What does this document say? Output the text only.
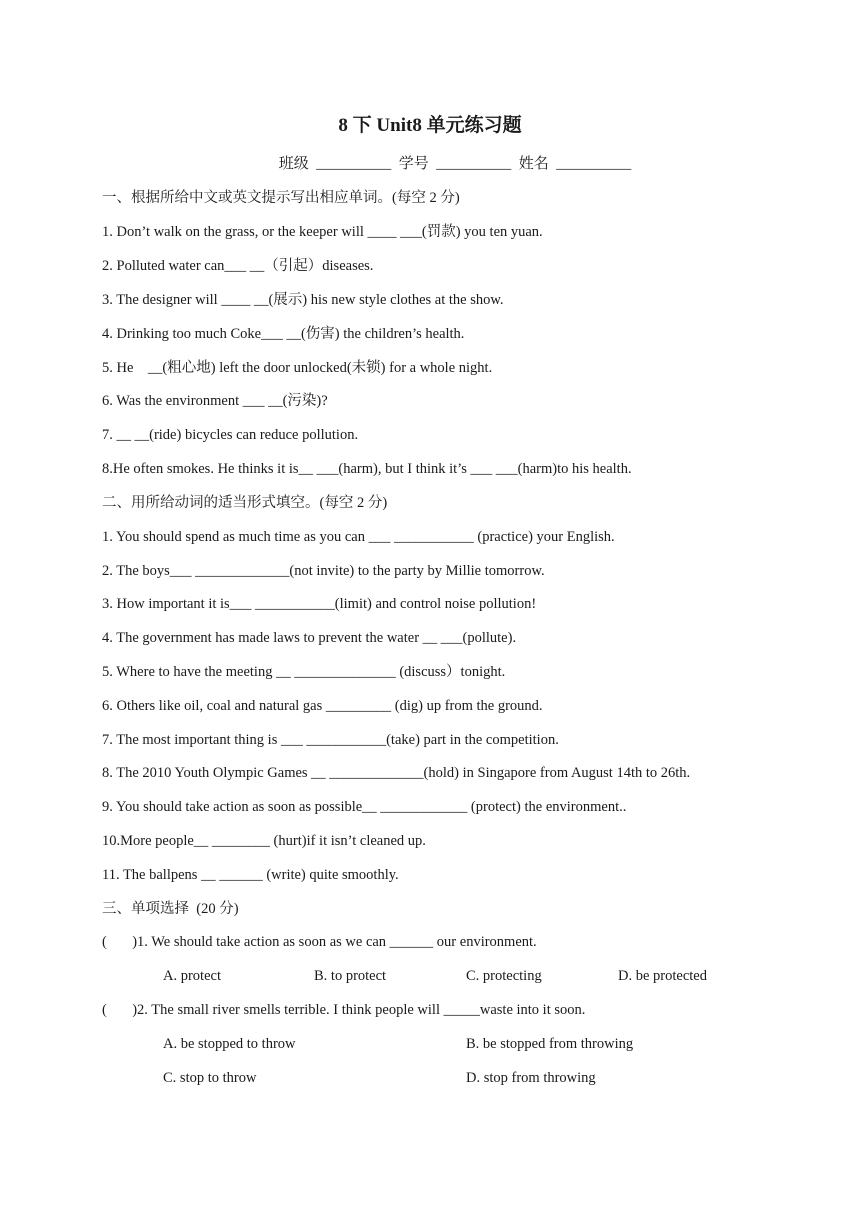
8 下 Unit8 单元练习题
班级  __________  学号  __________  姓名  __________
一、根据所给中文或英文提示写出相应单词。(每空 2 分)
1. Don’t walk on the grass, or the keeper will ____ ___(罚款) you ten yuan.
2. Polluted water can___ __（引起）diseases.
3. The designer will ____ __(展示) his new style clothes at the show.
4. Drinking too much Coke___ __(伤害) the children’s health.
5. He    __(粗心地) left the door unlocked(未锁) for a whole night.
6. Was the environment ___ __(污染)?
7. __ __(ride) bicycles can reduce pollution.
8.He often smokes. He thinks it is__ ___(harm), but I think it’s ___ ___(harm)to his health.
二、用所给动词的适当形式填空。(每空 2 分)
1. You should spend as much time as you can ___ ___________ (practice) your English.
2. The boys___ _____________(not invite) to the party by Millie tomorrow.
3. How important it is___ ___________(limit) and control noise pollution!
4. The government has made laws to prevent the water __ ___(pollute).
5. Where to have the meeting __ ______________ (discuss）tonight.
6. Others like oil, coal and natural gas _________ (dig) up from the ground.
7. The most important thing is ___ ___________(take) part in the competition.
8. The 2010 Youth Olympic Games __ _____________(hold) in Singapore from August 14th to 26th.
9. You should take action as soon as possible__ ____________ (protect) the environment..
10.More people__ ________ (hurt)if it isn’t cleaned up.
11. The ballpens __ ______ (write) quite smoothly.
三、单项选择  (20 分)
(       )1. We should take action as soon as we can ______ our environment.
A. protect	B. to protect	C. protecting	D. be protected
(       )2. The small river smells terrible. I think people will _____waste into it soon.
A. be stopped to throw	B. be stopped from throwing
C. stop to throw	D. stop from throwing
